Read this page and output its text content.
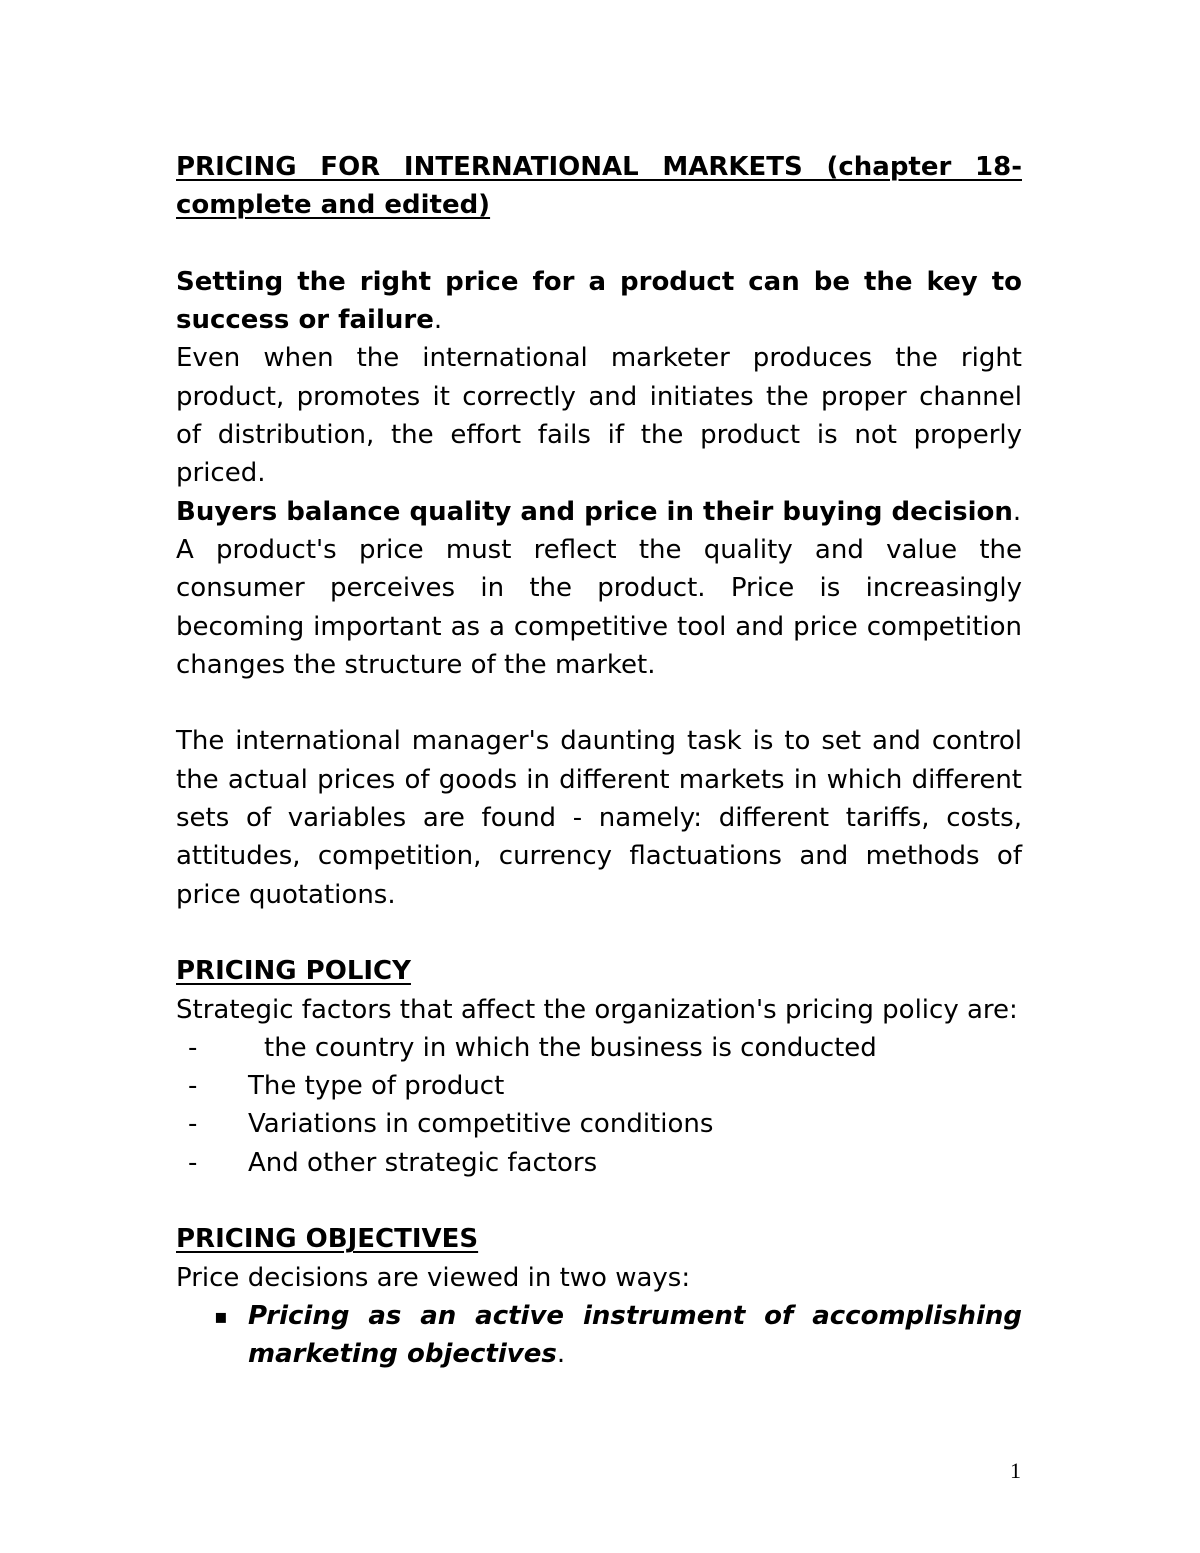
PRICING FOR INTERNATIONAL MARKETS (chapter 18-complete and edited)

Setting the right price for a product can be the key to success or failure.

Even when the international marketer produces the right product, promotes it correctly and initiates the proper channel of distribution, the effort fails if the product is not properly priced.

Buyers balance quality and price in their buying decision.

A product's price must reflect the quality and value the consumer perceives in the product. Price is increasingly becoming important as a competitive tool and price competition changes the structure of the market.

The international manager's daunting task is to set and control the actual prices of goods in different markets in which different sets of variables are found - namely: different tariffs, costs, attitudes, competition, currency flactuations and methods of price quotations.

PRICING POLICY

Strategic factors that affect the organization's pricing policy are:

-	the country in which the business is conducted
- The type of product
- Variations in competitive conditions
- And other strategic factors

PRICING OBJECTIVES

Price decisions are viewed in two ways:

▪ Pricing as an active instrument of accomplishing marketing objectives.
1
